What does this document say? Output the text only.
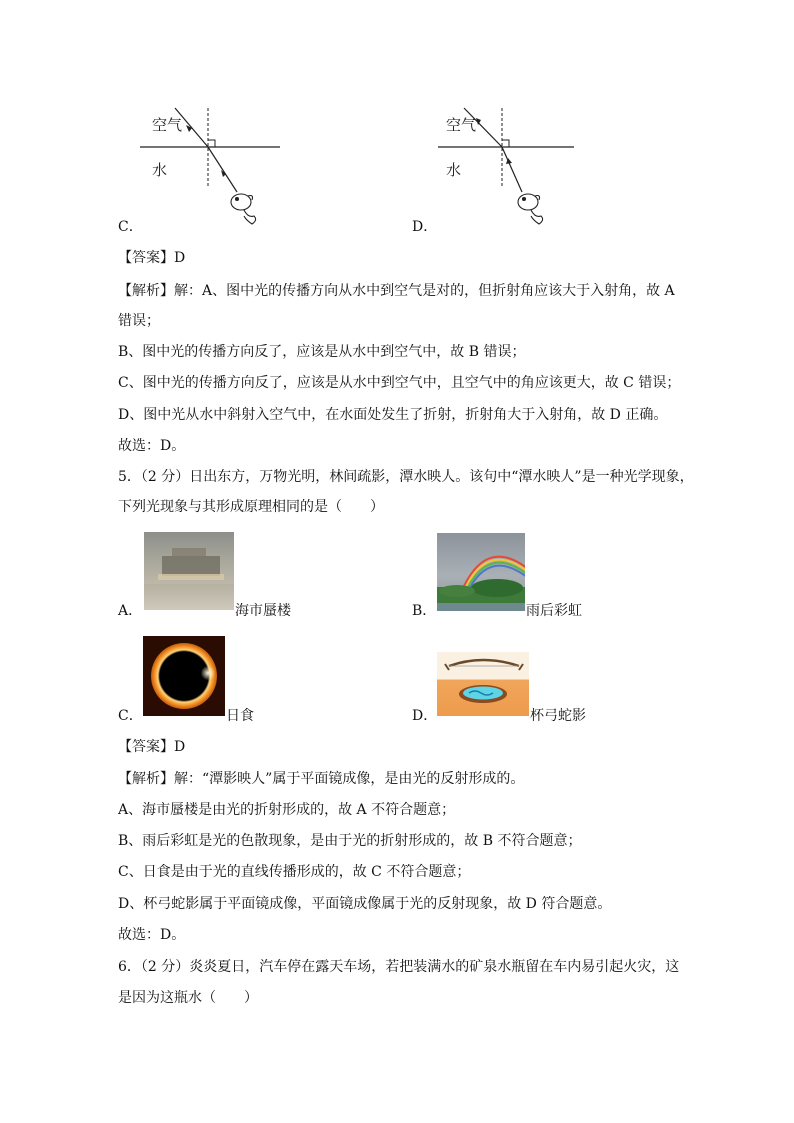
空气
水
C．
空气
水
D．
【答案】D
【解析】解：A、图中光的传播方向从水中到空气是对的，但折射角应该大于入射角，故 A
错误；
B、图中光的传播方向反了，应该是从水中到空气中，故 B 错误；
C、图中光的传播方向反了，应该是从水中到空气中，且空气中的角应该更大，故 C 错误；
D、图中光从水中斜射入空气中，在水面处发生了折射，折射角大于入射角，故 D 正确。
故选：D。
5．（2 分）日出东方，万物光明，林间疏影，潭水映人。该句中“潭水映人”是一种光学现象，
下列光现象与其形成原理相同的是（　　）
A．	海市蜃楼	B．	雨后彩虹
C．	日食	D．	杯弓蛇影
【答案】D
【解析】解：“潭影映人”属于平面镜成像，是由光的反射形成的。
A、海市蜃楼是由光的折射形成的，故 A 不符合题意；
B、雨后彩虹是光的色散现象，是由于光的折射形成的，故 B 不符合题意；
C、日食是由于光的直线传播形成的，故 C 不符合题意；
D、杯弓蛇影属于平面镜成像，平面镜成像属于光的反射现象，故 D 符合题意。
故选：D。
6．（2 分）炎炎夏日，汽车停在露天车场，若把装满水的矿泉水瓶留在车内易引起火灾，这
是因为这瓶水（　　）
